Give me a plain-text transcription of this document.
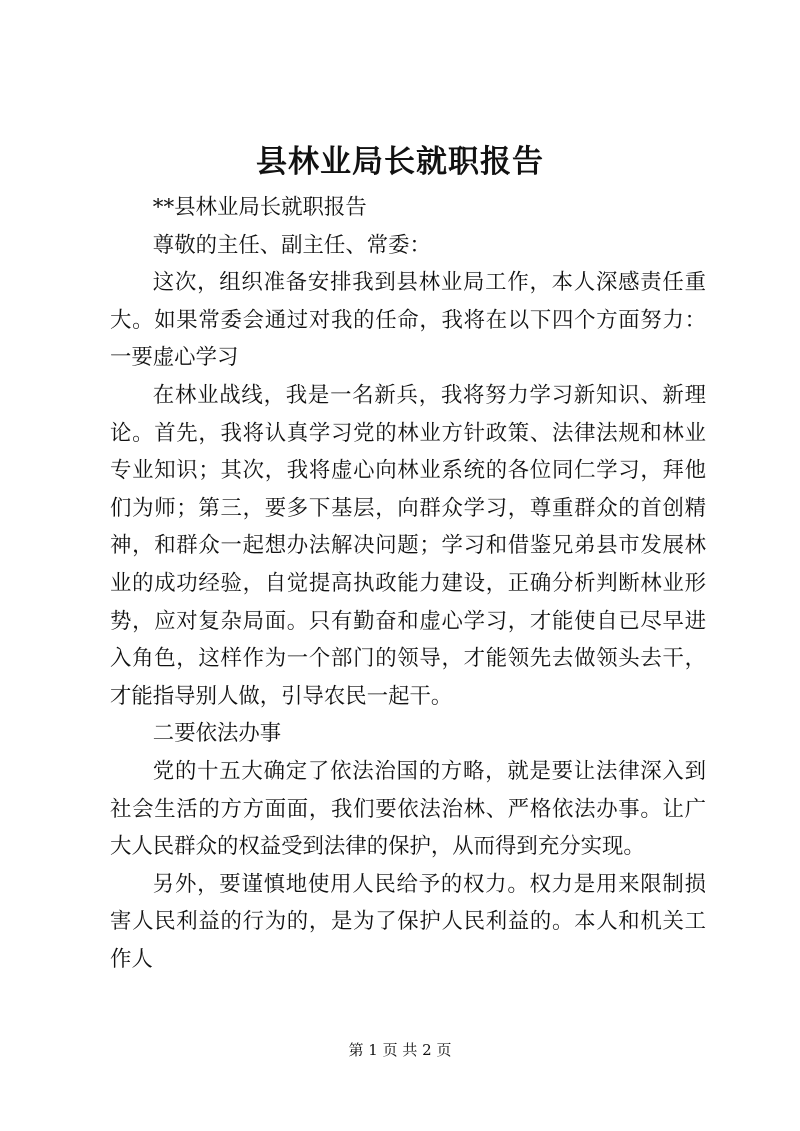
县林业局长就职报告

**县林业局长就职报告

尊敬的主任、副主任、常委：

这次，组织准备安排我到县林业局工作，本人深感责任重大。如果常委会通过对我的任命，我将在以下四个方面努力：一要虚心学习

在林业战线，我是一名新兵，我将努力学习新知识、新理论。首先，我将认真学习党的林业方针政策、法律法规和林业专业知识；其次，我将虚心向林业系统的各位同仁学习，拜他们为师；第三，要多下基层，向群众学习，尊重群众的首创精神，和群众一起想办法解决问题；学习和借鉴兄弟县市发展林业的成功经验，自觉提高执政能力建设，正确分析判断林业形势，应对复杂局面。只有勤奋和虚心学习，才能使自已尽早进入角色，这样作为一个部门的领导，才能领先去做领头去干，才能指导别人做，引导农民一起干。

二要依法办事

党的十五大确定了依法治国的方略，就是要让法律深入到社会生活的方方面面，我们要依法治林、严格依法办事。让广大人民群众的权益受到法律的保护，从而得到充分实现。

另外，要谨慎地使用人民给予的权力。权力是用来限制损害人民利益的行为的，是为了保护人民利益的。本人和机关工作人

第 1 页 共 2 页
